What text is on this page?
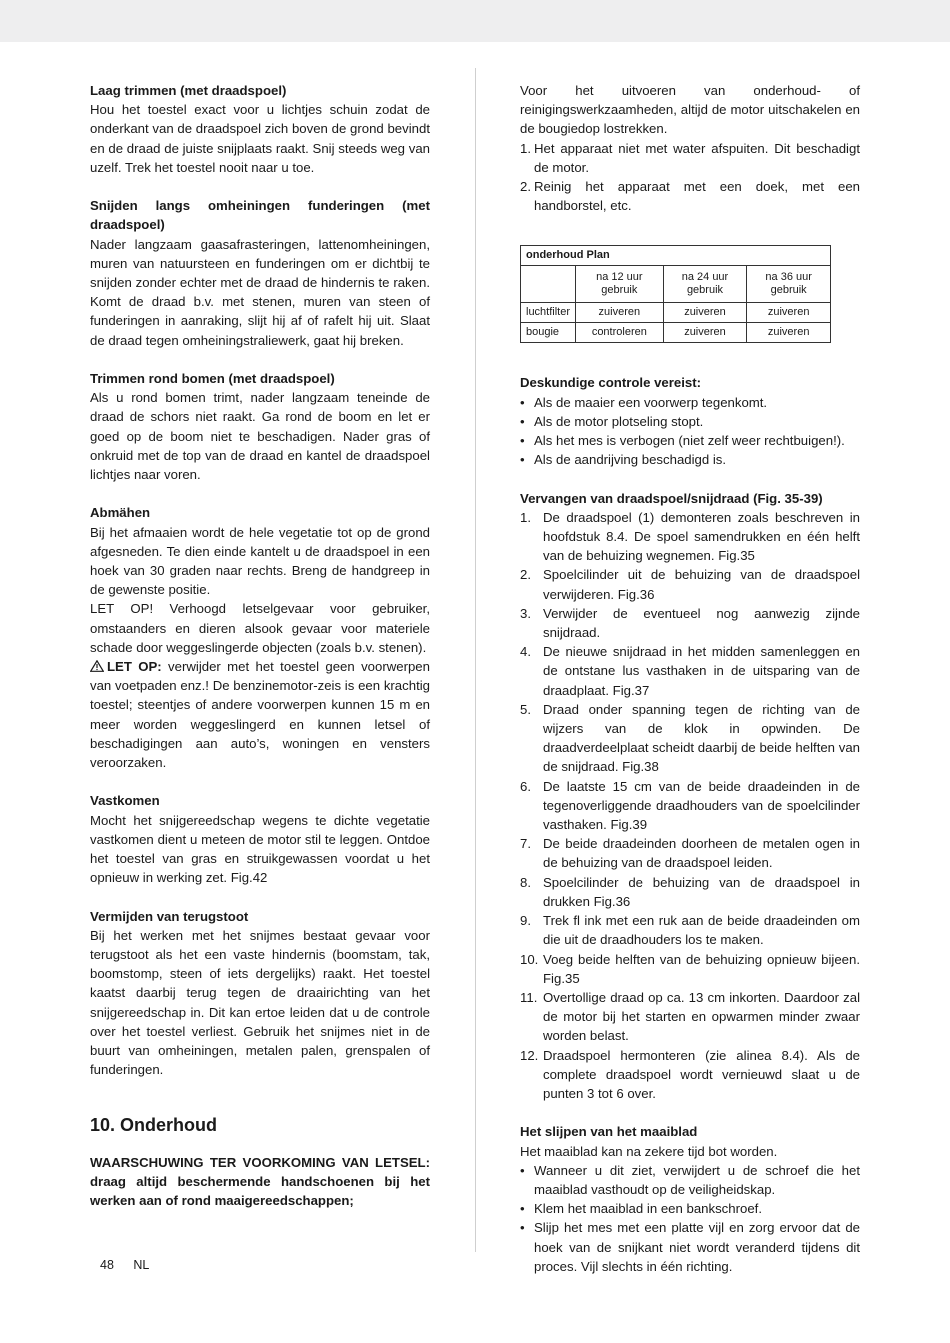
Laag trimmen (met draadspoel)

Hou het toestel exact voor u lichtjes schuin zodat de onderkant van de draadspoel zich boven de grond bevindt en de draad de juiste snijplaats raakt. Snij steeds weg van uzelf. Trek het toestel nooit naar u toe.

Snijden langs omheiningen funderingen (met draadspoel)

Nader langzaam gaasafrasteringen, lattenomheiningen, muren van natuursteen en funderingen om er dichtbij te snijden zonder echter met de draad de hindernis te raken. Komt de draad b.v. met stenen, muren van steen of funderingen in aanraking, slijt hij af of rafelt hij uit. Slaat de draad tegen omheiningstraliewerk, gaat hij breken.

Trimmen rond bomen (met draadspoel)

Als u rond bomen trimt, nader langzaam teneinde de draad de schors niet raakt. Ga rond de boom en let er goed op de boom niet te beschadigen. Nader gras of onkruid met de top van de draad en kantel de draadspoel lichtjes naar voren.

Abmähen

Bij het afmaaien wordt de hele vegetatie tot op de grond afgesneden. Te dien einde kantelt u de draadspoel in een hoek van 30 graden naar rechts. Breng de handgreep in de gewenste positie.

LET OP! Verhoogd letselgevaar voor gebruiker, omstaanders en dieren alsook gevaar voor materiele schade door weggeslingerde objecten (zoals b.v. stenen).

LET OP: verwijder met het toestel geen voorwerpen van voetpaden enz.! De benzinemotor-zeis is een krachtig toestel; steentjes of andere voorwerpen kunnen 15 m en meer worden weggeslingerd en kunnen letsel of beschadigingen aan auto’s, woningen en vensters veroorzaken.

Vastkomen

Mocht het snijgereedschap wegens te dichte vegetatie vastkomen dient u meteen de motor stil te leggen. Ontdoe het toestel van gras en struikgewassen voordat u het opnieuw in werking zet. Fig.42

Vermijden van terugstoot

Bij het werken met het snijmes bestaat gevaar voor terugstoot als het een vaste hindernis (boomstam, tak, boomstomp, steen of iets dergelijks) raakt. Het toestel kaatst daarbij terug tegen de draairichting van het snijgereedschap in. Dit kan ertoe leiden dat u de controle over het toestel verliest. Gebruik het snijmes niet in de buurt van omheiningen, metalen palen, grenspalen of funderingen.

10. Onderhoud

WAARSCHUWING TER VOORKOMING VAN LETSEL: draag altijd beschermende handschoenen bij het werken aan of rond maaigereedschappen;

Voor het uitvoeren van onderhoud- of reinigingswerkzaamheden, altijd de motor uitschakelen en de bougiedop lostrekken.

1. Het apparaat niet met water afspuiten. Dit beschadigt de motor.
2. Reinig het apparaat met een doek, met een handborstel, etc.
onderhoud Plan			
	na 12 uur gebruik	na 24 uur gebruik	na 36 uur gebruik
luchtfilter	zuiveren	zuiveren	zuiveren
bougie	controleren	zuiveren	zuiveren

Deskundige controle vereist:

• Als de maaier een voorwerp tegenkomt.
• Als de motor plotseling stopt.
• Als het mes is verbogen (niet zelf weer rechtbuigen!).
• Als de aandrijving beschadigd is.

Vervangen van draadspoel/snijdraad (Fig. 35-39)

1. De draadspoel (1) demonteren zoals beschreven in hoofdstuk 8.4. De spoel samendrukken en één helft van de behuizing wegnemen. Fig.35
2. Spoelcilinder uit de behuizing van de draadspoel verwijderen. Fig.36
3. Verwijder de eventueel nog aanwezig zijnde snijdraad.
4. De nieuwe snijdraad in het midden samenleggen en de ontstane lus vasthaken in de uitsparing van de draadplaat. Fig.37
5. Draad onder spanning tegen de richting van de wijzers van de klok in opwinden. De draadverdeelplaat scheidt daarbij de beide helften van de snijdraad. Fig.38
6. De laatste 15 cm van de beide draadeinden in de tegenoverliggende draadhouders van de spoelcilinder vasthaken. Fig.39
7. De beide draadeinden doorheen de metalen ogen in de behuizing van de draadspoel leiden.
8. Spoelcilinder de behuizing van de draadspoel in drukken Fig.36
9. Trek fl ink met een ruk aan de beide draadeinden om die uit de draadhouders los te maken.
10. Voeg beide helften van de behuizing opnieuw bijeen. Fig.35
11. Overtollige draad op ca. 13 cm inkorten. Daardoor zal de motor bij het starten en opwarmen minder zwaar worden belast.
12. Draadspoel hermonteren (zie alinea 8.4). Als de complete draadspoel wordt vernieuwd slaat u de punten 3 tot 6 over.

Het slijpen van het maaiblad

Het maaiblad kan na zekere tijd bot worden.

• Wanneer u dit ziet, verwijdert u de schroef die het maaiblad vasthoudt op de veiligheidskap.
• Klem het maaiblad in een bankschroef.
• Slijp het mes met een platte vijl en zorg ervoor dat de hoek van de snijkant niet wordt veranderd tijdens dit proces. Vijl slechts in één richting.
48 NL
